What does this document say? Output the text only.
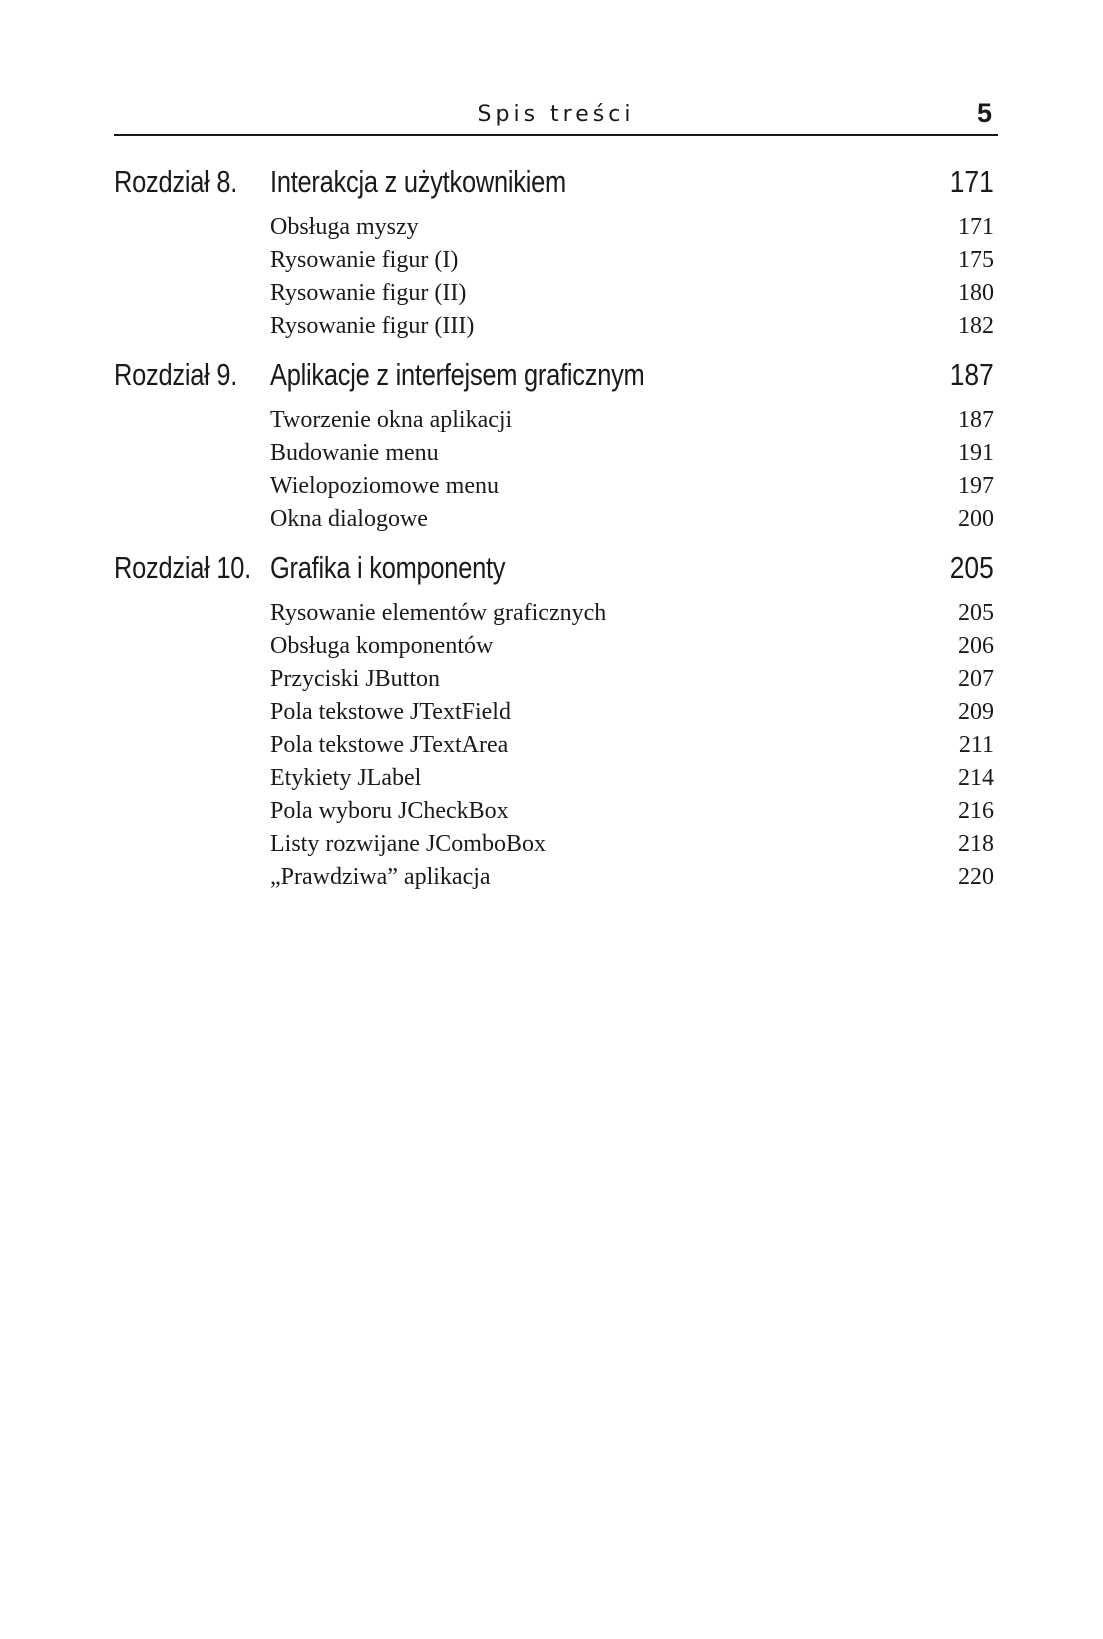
Spis treści	5
Rozdział 8. Interakcja z użytkownikiem	171
Obsługa myszy	171
Rysowanie figur (I)	175
Rysowanie figur (II)	180
Rysowanie figur (III)	182
Rozdział 9. Aplikacje z interfejsem graficznym	187
Tworzenie okna aplikacji	187
Budowanie menu	191
Wielopoziomowe menu	197
Okna dialogowe	200
Rozdział 10. Grafika i komponenty	205
Rysowanie elementów graficznych	205
Obsługa komponentów	206
Przyciski JButton	207
Pola tekstowe JTextField	209
Pola tekstowe JTextArea	211
Etykiety JLabel	214
Pola wyboru JCheckBox	216
Listy rozwijane JComboBox	218
„Prawdziwa” aplikacja	220
